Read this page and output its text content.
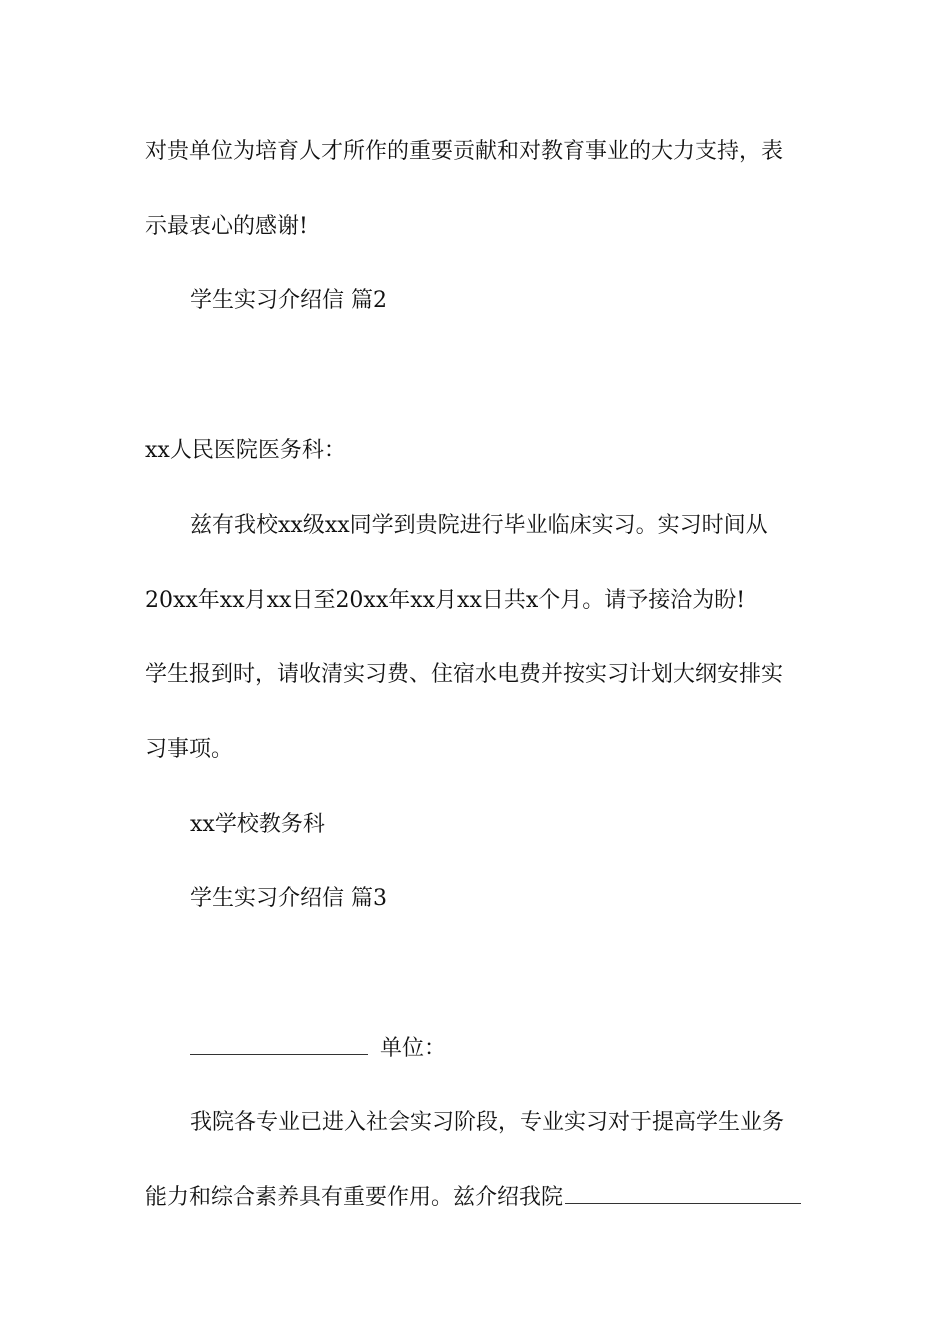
对贵单位为培育人才所作的重要贡献和对教育事业的大力支持，表
示最衷心的感谢!
学生实习介绍信 篇2
xx人民医院医务科：
兹有我校xx级xx同学到贵院进行毕业临床实习。实习时间从
20xx年xx月xx日至20xx年xx月xx日共x个月。请予接洽为盼!
学生报到时，请收清实习费、住宿水电费并按实习计划大纲安排实
习事项。
xx学校教务科
学生实习介绍信 篇3
单位：
我院各专业已进入社会实习阶段，专业实习对于提高学生业务
能力和综合素养具有重要作用。兹介绍我院
